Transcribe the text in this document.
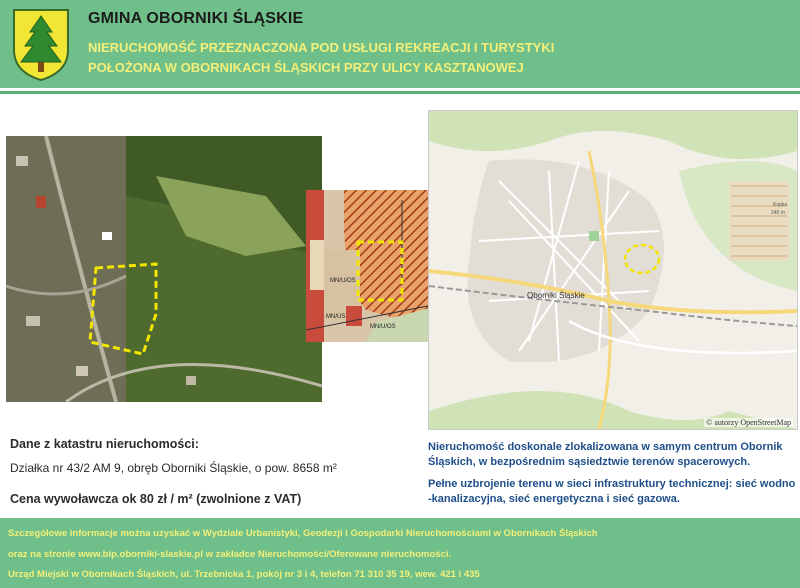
GMINA OBORNIKI ŚLĄSKIE
NIERUCHOMOŚĆ PRZEZNACZONA POD USŁUGI REKREACJI I TURYSTYKI
POŁOŻONA W OBORNIKACH ŚLĄSKICH PRZY ULICY KASZTANOWEJ
MN/U/OS
MN/US
MN/U/OS
Oborniki Śląskie
Kopka
240 m
© autorzy OpenStreetMap
Dane z katastru nieruchomości:
Działka nr 43/2 AM 9, obręb Oborniki Śląskie, o pow. 8658 m²
Cena wywoławcza ok 80 zł / m² (zwolnione z VAT)
Nieruchomość doskonale zlokalizowana w samym centrum Obornik Śląskich, w bezpośrednim sąsiedztwie terenów spacerowych.
Pełne uzbrojenie terenu w sieci infrastruktury technicznej: sieć wodno -kanalizacyjna, sieć energetyczna i sieć gazowa.

Szczegółowe informacje można uzyskać w Wydziale Urbanistyki, Geodezji i Gospodarki Nieruchomościami w Obornikach Śląskich

oraz na stronie www.bip.oborniki-slaskie.pl w zakładce Nieruchomości/Oferowane nieruchomości.

Urząd Miejski w Obornikach Śląskich, ul. Trzebnicka 1, pokój nr 3 i 4, telefon 71 310 35 19, wew. 421 i 435
